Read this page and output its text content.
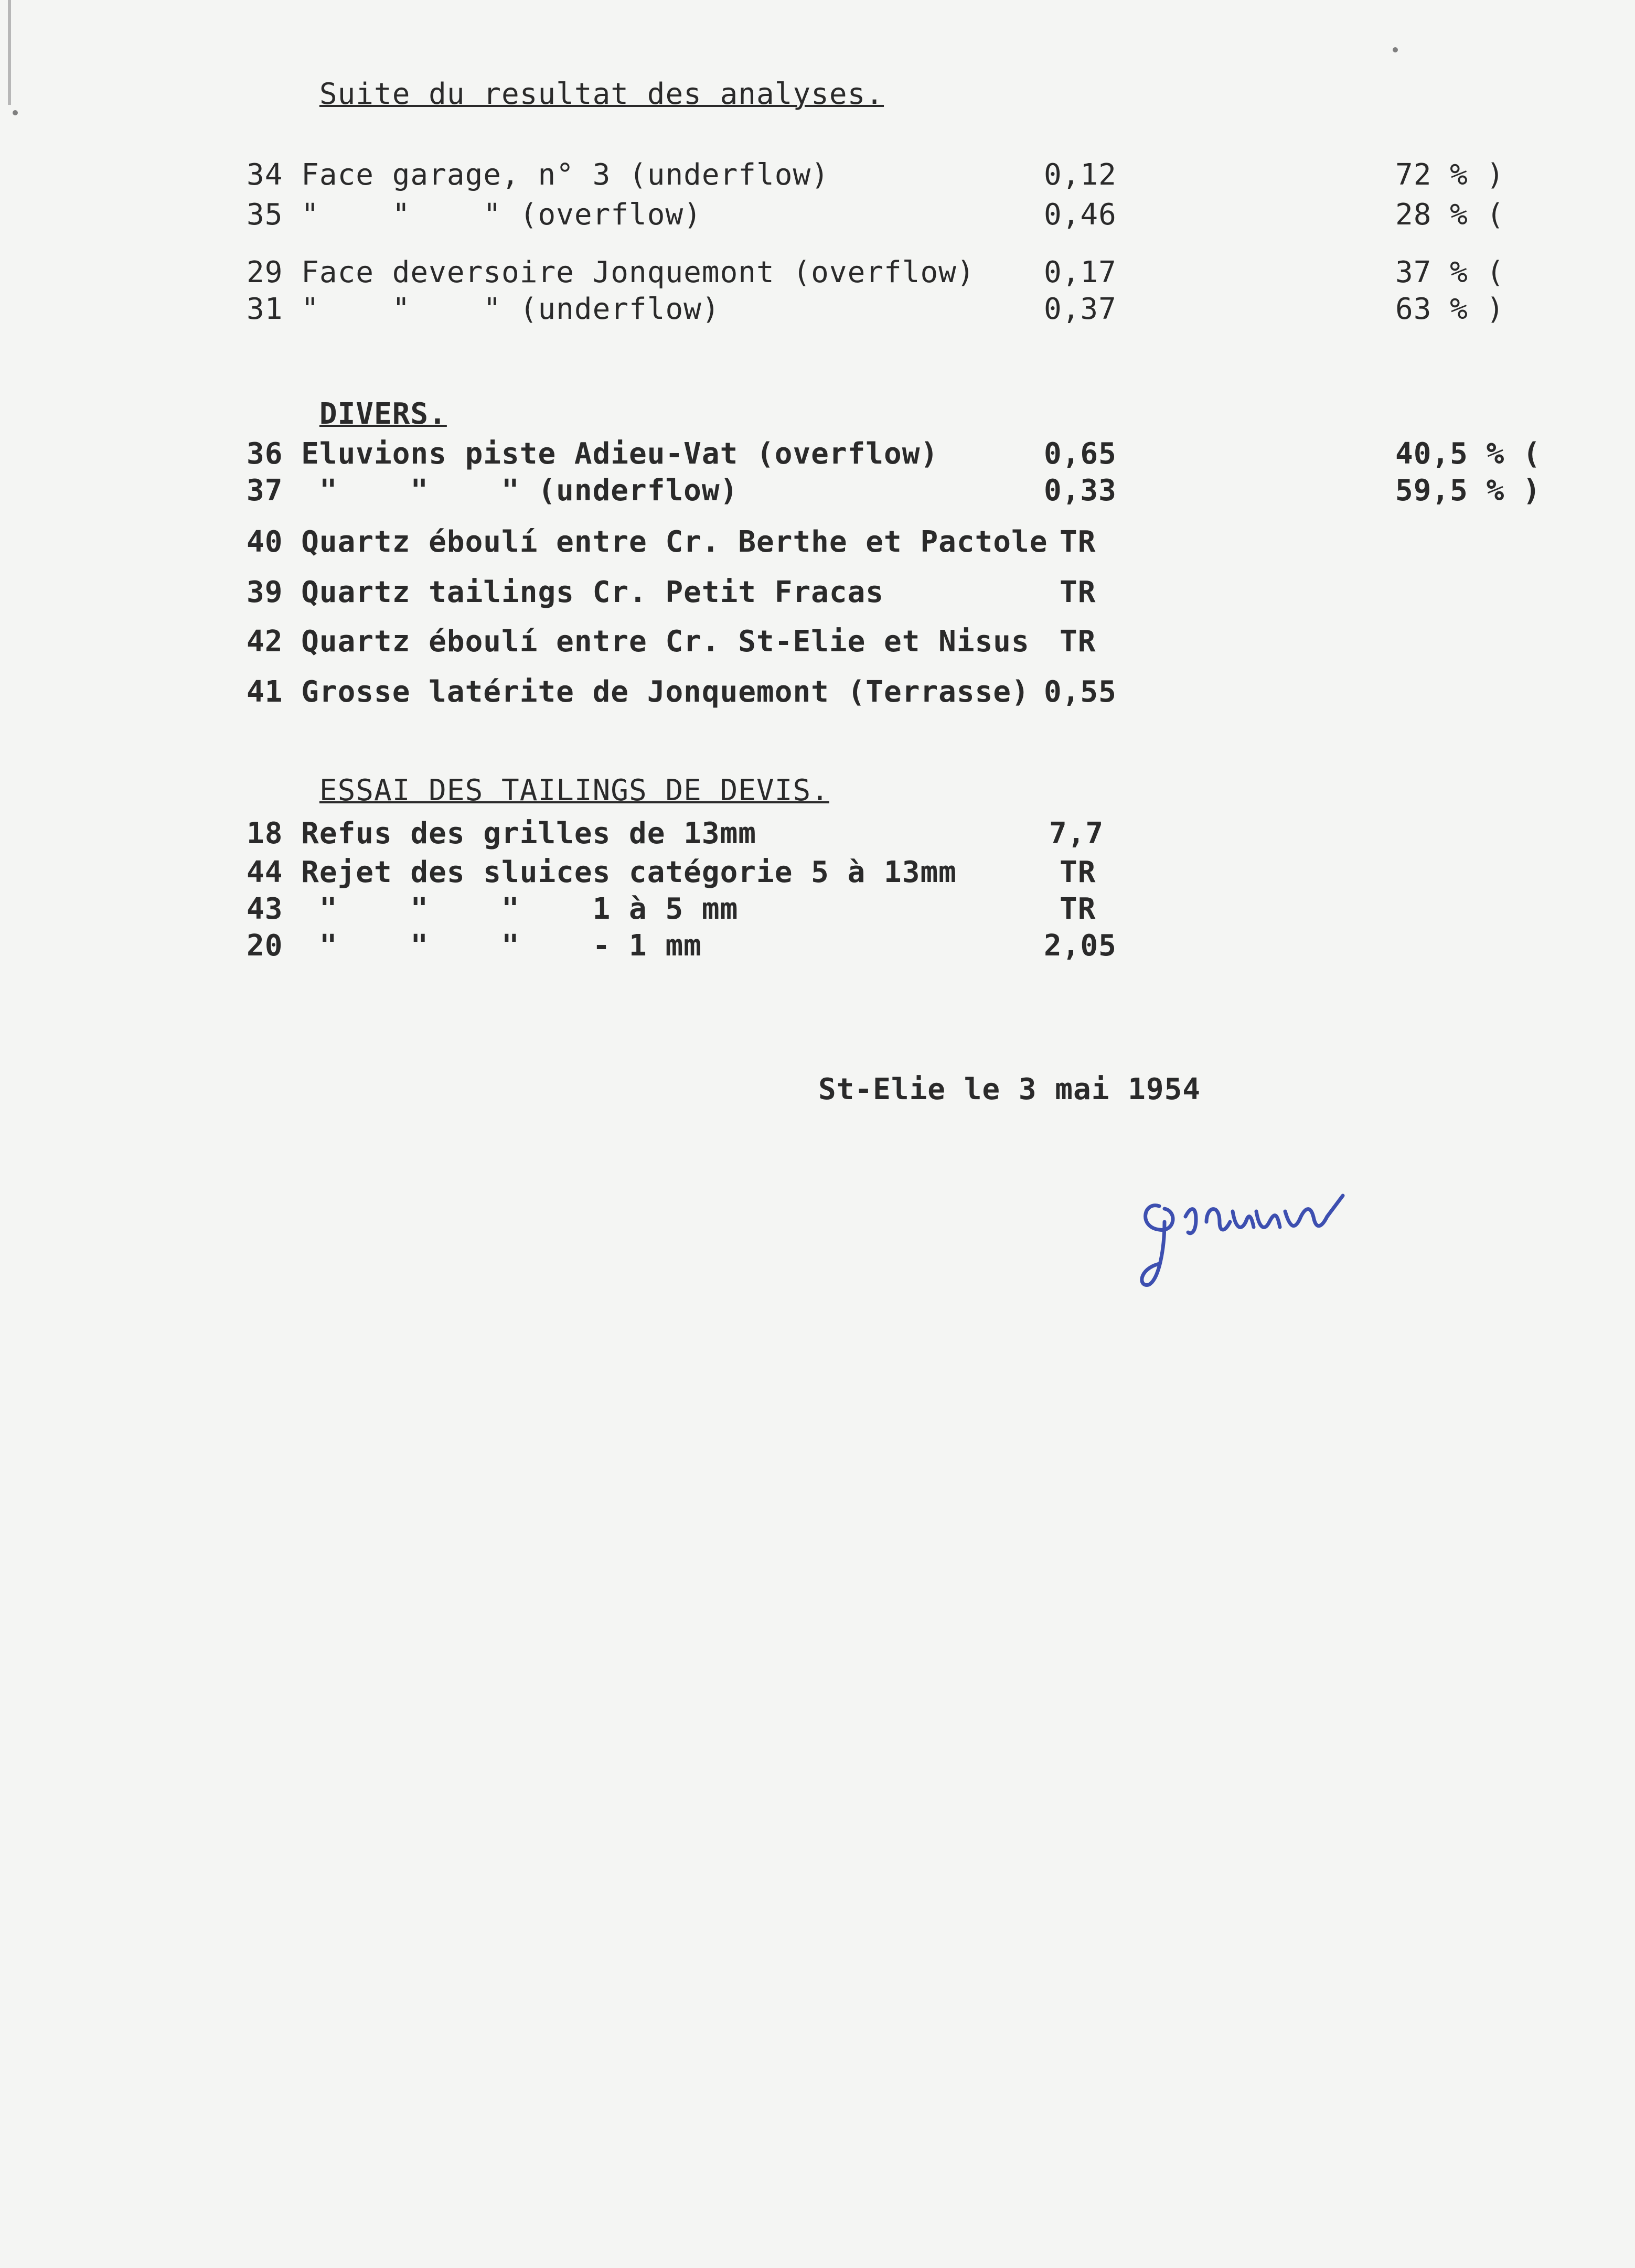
Suite du resultat des analyses.

34 Face garage, n° 3 (underflow)	0,12	72 % )
35 "    "    " (overflow)	0,46	28 % (
29 Face deversoire Jonquemont (overflow) 0,17	37 % (
31 "    "    " (underflow)	0,37	63 % )

DIVERS.

36 Eluvions piste Adieu-Vat (overflow)	0,65	40,5 % (
37  "    "    " (underflow)	0,33	59,5 % )
40 Quartz éboulí entre Cr. Berthe et Pactole TR
39 Quartz tailings Cr. Petit Fracas	TR
42 Quartz éboulí entre Cr. St-Elie et Nisus TR
41 Grosse latérite de Jonquemont (Terrasse) 0,55

ESSAI DES TAILINGS DE DEVIS.

18 Refus des grilles de 13mm	7,7
44 Rejet des sluices catégorie 5 à 13mm	TR
43  "    "    "    1 à 5 mm	TR
20  "    "    "    - 1 mm	2,05
St-Elie le 3 mai 1954
